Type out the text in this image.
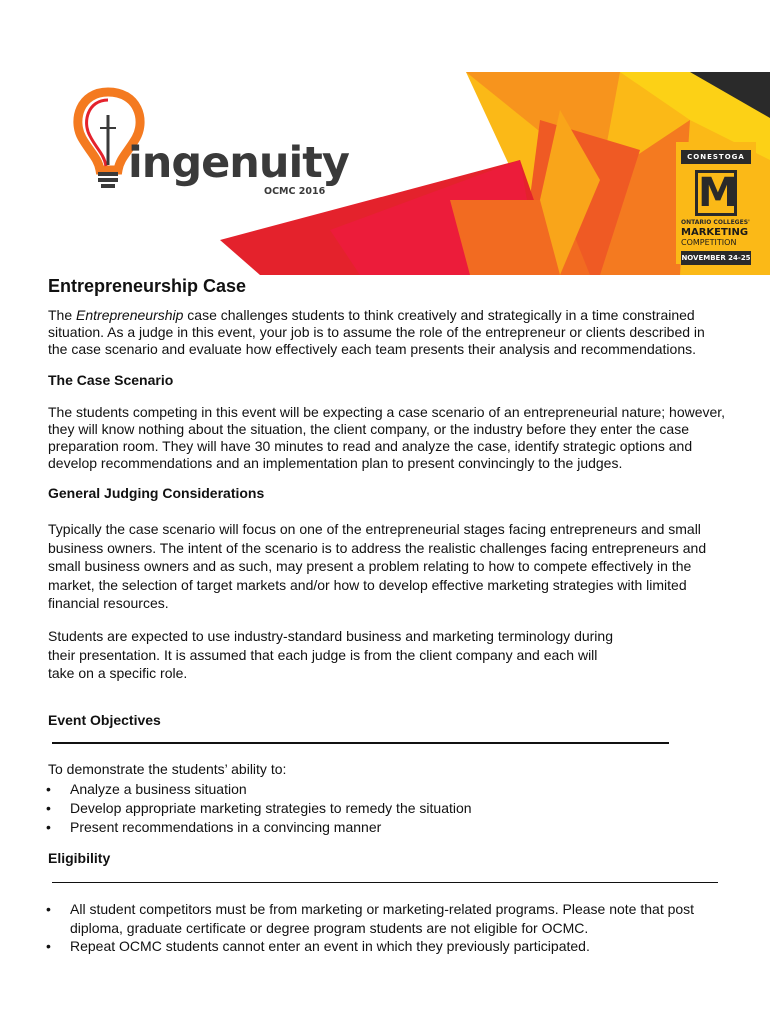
ingenuity
OCMC 2016
CONESTOGA
M
ONTARIO COLLEGES'
MARKETING
COMPETITION
NOVEMBER 24-25
Entrepreneurship Case
The Entrepreneurship case challenges students to think creatively and strategically in a time constrained situation. As a judge in this event, your job is to assume the role of the entrepreneur or clients described in the case scenario and evaluate how effectively each team presents their analysis and recommendations.
The Case Scenario
The students competing in this event will be expecting a case scenario of an entrepreneurial nature; however, they will know nothing about the situation, the client company, or the industry before they enter the case preparation room. They will have 30 minutes to read and analyze the case, identify strategic options and develop recommendations and an implementation plan to present convincingly to the judges.
General Judging Considerations
Typically the case scenario will focus on one of the entrepreneurial stages facing entrepreneurs and small business owners. The intent of the scenario is to address the realistic challenges facing entrepreneurs and small business owners and as such, may present a problem relating to how to compete effectively in the market, the selection of target markets and/or how to develop effective marketing strategies with limited financial resources.
Students are expected to use industry-standard business and marketing terminology during their presentation. It is assumed that each judge is from the client company and each will take on a specific role.
Event Objectives
To demonstrate the students’ ability to:
• Analyze a business situation
• Develop appropriate marketing strategies to remedy the situation
• Present recommendations in a convincing manner
Eligibility
• All student competitors must be from marketing or marketing-related programs. Please note that post diploma, graduate certificate or degree program students are not eligible for OCMC.
• Repeat OCMC students cannot enter an event in which they previously participated.
